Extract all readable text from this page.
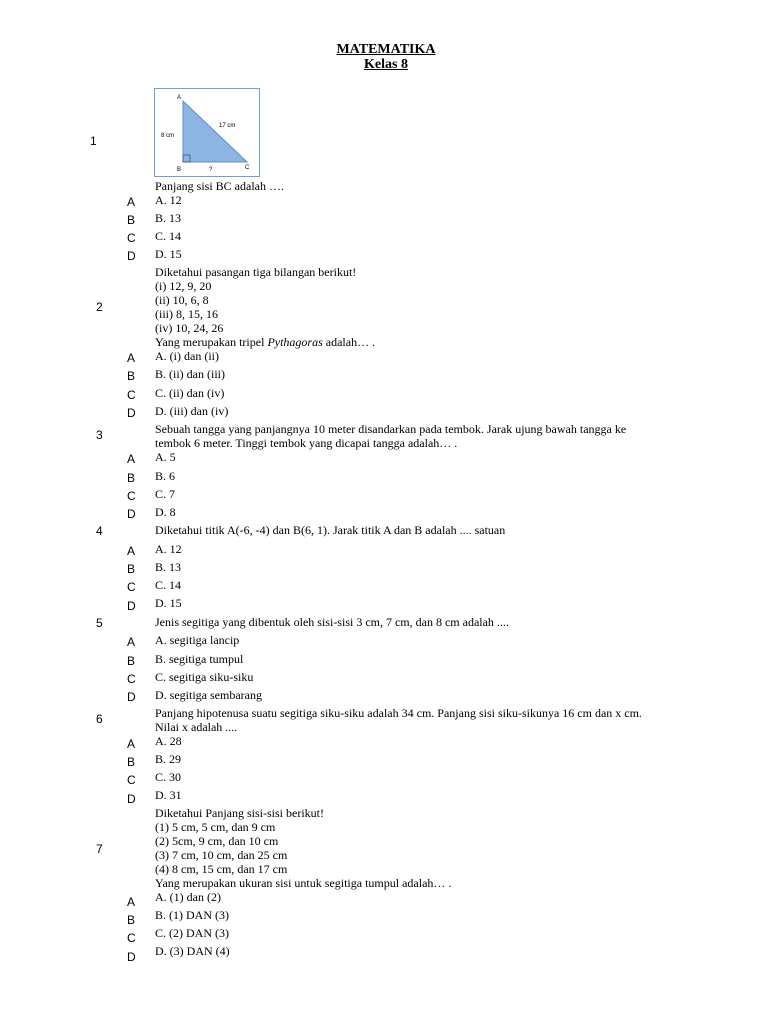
MATEMATIKA
Kelas 8
A
B	C
8 cm
17 cm
?
1
Panjang sisi BC adalah ….
A A. 12
B B. 13
C C. 14
D D. 15
2
Diketahui pasangan tiga bilangan berikut!
(i) 12, 9, 20
(ii) 10, 6, 8
(iii) 8, 15, 16
(iv) 10, 24, 26
Yang merupakan tripel Pythagoras adalah… .
A A. (i) dan (ii)
B B. (ii) dan (iii)
C C. (ii) dan (iv)
D D. (iii) dan (iv)
3	Sebuah tangga yang panjangnya 10 meter disandarkan pada tembok. Jarak ujung bawah tangga ke
tembok 6 meter. Tinggi tembok yang dicapai tangga adalah… .
A A. 5
B B. 6
C C. 7
D D. 8
4	Diketahui titik A(-6, -4) dan B(6, 1). Jarak titik A dan B adalah .... satuan
A A. 12
B B. 13
C C. 14
D D. 15
5	Jenis segitiga yang dibentuk oleh sisi-sisi 3 cm, 7 cm, dan 8 cm adalah ....
A A. segitiga lancip
B B. segitiga tumpul
C C. segitiga siku-siku
D D. segitiga sembarang
6	Panjang hipotenusa suatu segitiga siku-siku adalah 34 cm. Panjang sisi siku-sikunya 16 cm dan x cm.
Nilai x adalah ....
A A. 28
B B. 29
C C. 30
D D. 31
7
Diketahui Panjang sisi-sisi berikut!
(1) 5 cm, 5 cm, dan 9 cm
(2) 5cm, 9 cm, dan 10 cm
(3) 7 cm, 10 cm, dan 25 cm
(4) 8 cm, 15 cm, dan 17 cm
Yang merupakan ukuran sisi untuk segitiga tumpul adalah… .
A A. (1) dan (2)
B B. (1) DAN (3)
C C. (2) DAN (3)
D D. (3) DAN (4)
